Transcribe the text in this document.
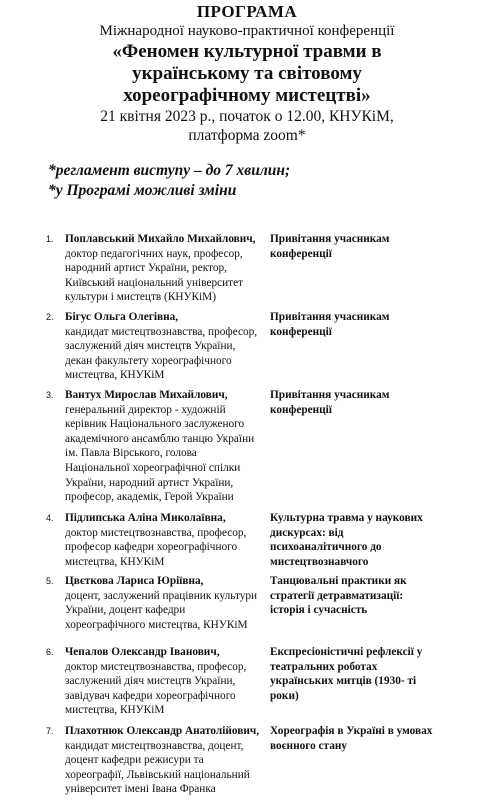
ПРОГРАМА
Міжнародної науково-практичної конференції
«Феномен культурної травми в
українському та світовому
хореографічному мистецтві»
21 квітня 2023 р., початок о 12.00, КНУКіМ,
платформа zoom*
*регламент виступу – до 7 хвилин;
*у Програмі можливі зміни
1. Поплавський Михайло Михайлович,
доктор педагогічних наук, професор,
народний артист України, ректор,
Київський національний університет
культури і мистецтв (КНУКіМ)
Привітання учасникам
конференції
2. Бігус Ольга Олегівна,
кандидат мистецтвознавства, професор,
заслужений діяч мистецтв України,
декан факультету хореографічного
мистецтва, КНУКіМ
Привітання учасникам
конференції
3. Вантух Мирослав Михайлович,
генеральний директор - художній
керівник Національного заслуженого
академічного ансамблю танцю України
ім. Павла Вірського, голова
Національної хореографічної спілки
України, народний артист України,
професор, академік, Герой України
Привітання учасникам
конференції
4. Підлипська Аліна Миколаївна,
доктор мистецтвознавства, професор,
професор кафедри хореографічного
мистецтва, КНУКіМ
Культурна травма у наукових
дискурсах: від
психоаналітичного до
мистецтвознавчого
5. Цвєткова Лариса Юріївна,
доцент, заслужений працівник культури
України, доцент кафедри
хореографічного мистецтва, КНУКіМ
Танцювальні практики як
стратегії детравматизації:
історія і сучасність
6. Чепалов Олександр Іванович,
доктор мистецтвознавства, професор,
заслужений діяч мистецтв України,
завідувач кафедри хореографічного
мистецтва, КНУКіМ
Експресіоністичні рефлексії у
театральних роботах
українських митців (1930- ті
роки)
7. Плахотнюк Олександр Анатолійович,
кандидат мистецтвознавства, доцент,
доцент кафедри режисури та
хореографії, Львівський національний
університет імені Івана Франка
Хореографія в Україні в умовах
воєнного стану
